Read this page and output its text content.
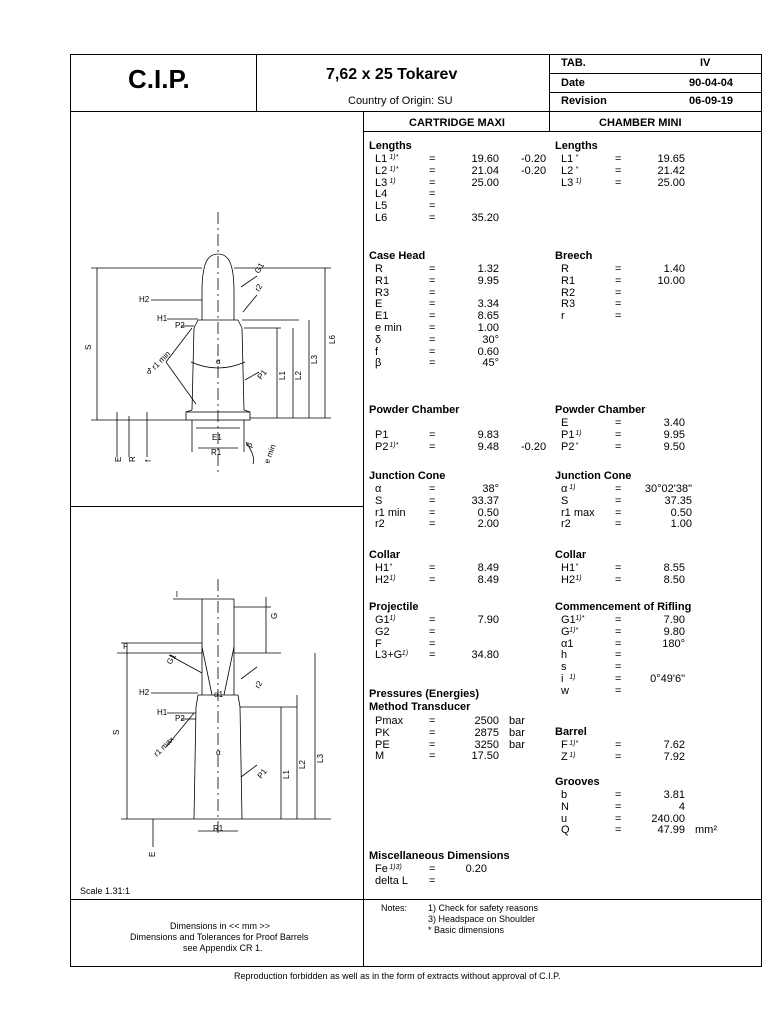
C.I.P.	7,62 x 25 Tokarev
Country of Origin: SU
TAB.	IV
Date	90-04-04
Revision	06-09-19
CARTRIDGE MAXI	CHAMBER MINI
Lengths
L1 1)*	=	19.60 -0.20
L2 1)*	=	21.04 -0.20
L3 1)	=	25.00
L4	=
L5	=
L6	=	35.20
Case Head
R	=	1.32
R1	=	9.95
R3	=
E	=	3.34
E1	=	8.65
e min =	1.00
δ	=	30°
f	=	0.60
β	=	45°
Powder Chamber
P1	=	9.83
P2 1)*	=	9.48 -0.20
Junction Cone
α	=	38°
S	=	33.37
r1 min =	0.50
r2	=	2.00
Collar
H1 *	=	8.49
H2 1)	=	8.49
Projectile
G1 1)	=	7.90
G2	=
F	=
L3+G 1) =	34.80
Pressures (Energies)
Method Transducer
Pmax =	2500 bar
PK	=	2875 bar
PE	=	3250 bar
M	=	17.50
Miscellaneous Dimensions
Fe 1)3) =	0.20
delta L =
Lengths
L1 *	=	19.65
L2 *	=	21.42
L3 1)	=	25.00
Breech
R	=	1.40
R1	=	10.00
R2	=
R3	=
r	=
Powder Chamber
E	=	3.40
P1 1)	=	9.95
P2 *	=	9.50
Junction Cone
α 1)	=	30°02'38"
S	=	37.35
r1 max =	0.50
r2	=	1.00
Collar
H1 *	=	8.55
H2 1)	=	8.50
Commencement of Rifling
G1 1)*	=	7.90
G 1)*	=	9.80
α1	=	180°
h	=
s	=
i 1)	=	0°49'6"
w	=
Barrel
F 1)*	=	7.62
Z 1)	=	7.92
Grooves
b	=	3.81
N	=	4
u	=	240.00
Q	=	47.99 mm²
G1
r2
H2
H1
P2
r1 min
δ
α
P1 L1 L2
L3
L6
S
E1
R1
β e min
E R f
l
G
F
G1
r2
H2	α1
H1
P2
r1 max	α
P1 L1
L2
L3
S
R1
E
Scale 1.31:1
Dimensions in << mm >>
Dimensions and Tolerances for Proof Barrels
see Appendix CR 1.
Notes: 1) Check for safety reasons
3) Headspace on Shoulder
* Basic dimensions
Reproduction forbidden as well as in the form of extracts without approval of C.I.P.
